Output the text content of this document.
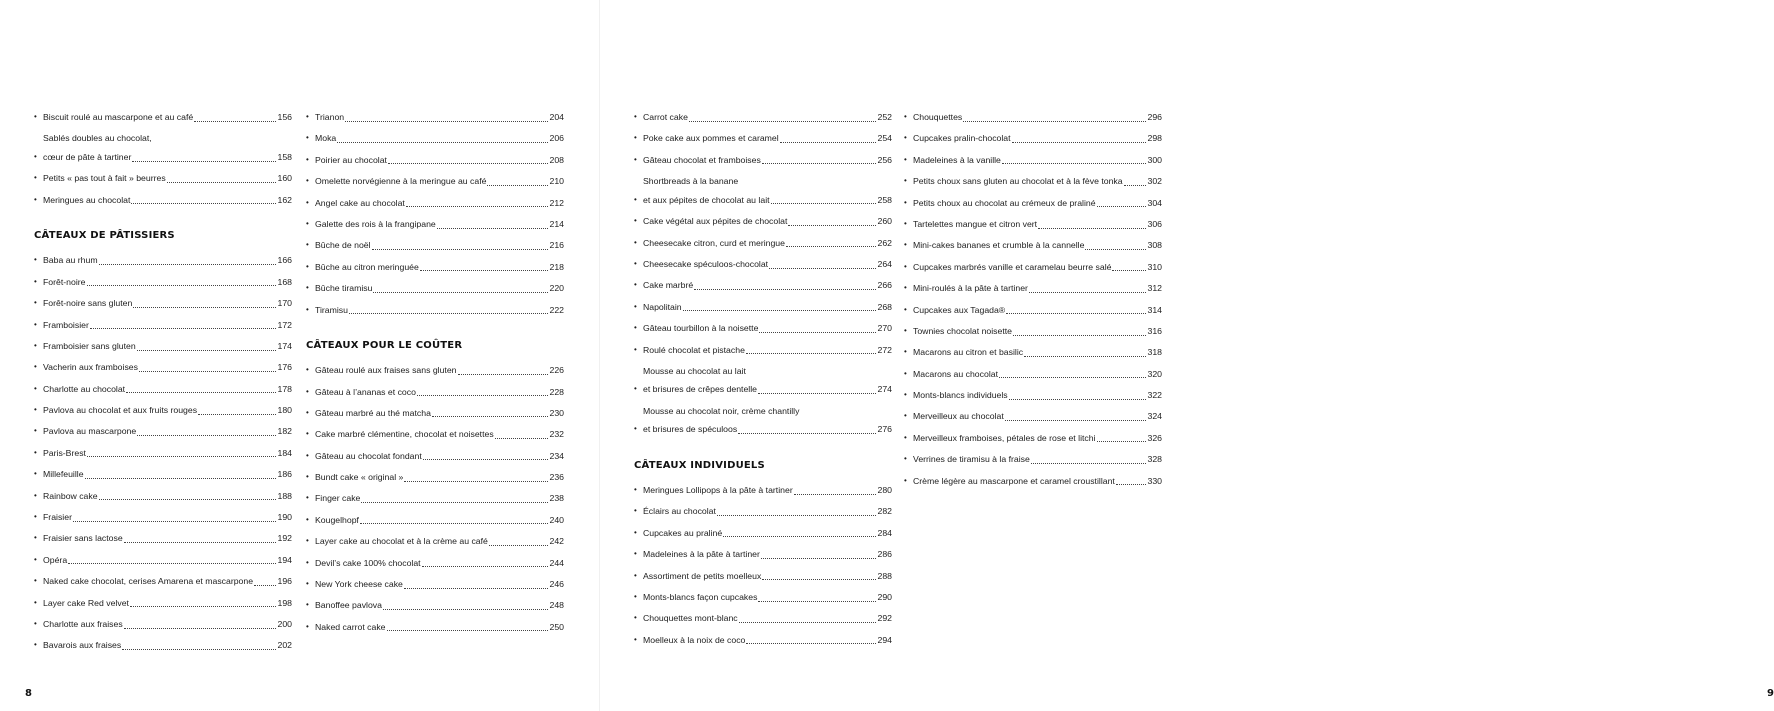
• Biscuit roulé au mascarpone et au café	156
•
Sablés doubles au chocolat,
cœur de pâte à tartiner	158
• Petits « pas tout à fait » beurres	160
• Meringues au chocolat	162
CÂTEAUX DE PÂTISSIERS
• Baba au rhum	166
• Forêt-noire	168
• Forêt-noire sans gluten	170
• Framboisier	172
• Framboisier sans gluten	174
• Vacherin aux framboises	176
• Charlotte au chocolat	178
• Pavlova au chocolat et aux fruits rouges	180
• Pavlova au mascarpone	182
• Paris-Brest	184
• Millefeuille	186
• Rainbow cake	188
• Fraisier	190
• Fraisier sans lactose	192
• Opéra	194
• Naked cake chocolat, cerises Amarena et mascarpone	196
• Layer cake Red velvet	198
• Charlotte aux fraises	200
• Bavarois aux fraises	202
• Trianon	204
• Moka	206
• Poirier au chocolat	208
• Omelette norvégienne à la meringue au café	210
• Angel cake au chocolat	212
• Galette des rois à la frangipane	214
• Bûche de noël	216
• Bûche au citron meringuée	218
• Bûche tiramisu	220
• Tiramisu	222
CÂTEAUX POUR LE COÛTER
• Gâteau roulé aux fraises sans gluten	226
• Gâteau à l’ananas et coco	228
• Gâteau marbré au thé matcha	230
• Cake marbré clémentine, chocolat et noisettes	232
• Gâteau au chocolat fondant	234
• Bundt cake « original »	236
• Finger cake	238
• Kougelhopf	240
• Layer cake au chocolat et à la crème au café	242
• Devil’s cake 100% chocolat	244
• New York cheese cake	246
• Banoffee pavlova	248
• Naked carrot cake	250
8
• Carrot cake	252
• Poke cake aux pommes et caramel	254
• Gâteau chocolat et framboises	256
•
Shortbreads à la banane
et aux pépites de chocolat au lait	258
• Cake végétal aux pépites de chocolat	260
• Cheesecake citron, curd et meringue	262
• Cheesecake spéculoos-chocolat	264
• Cake marbré	266
• Napolitain	268
• Gâteau tourbillon à la noisette	270
• Roulé chocolat et pistache	272
•
Mousse au chocolat au lait
et brisures de crêpes dentelle	274
•
Mousse au chocolat noir, crème chantilly
et brisures de spéculoos	276
CÂTEAUX INDIVIDUELS
• Meringues Lollipops à la pâte à tartiner	280
• Éclairs au chocolat	282
• Cupcakes au praliné	284
• Madeleines à la pâte à tartiner	286
• Assortiment de petits moelleux	288
• Monts-blancs façon cupcakes	290
• Chouquettes mont-blanc	292
• Moelleux à la noix de coco	294
• Chouquettes	296
• Cupcakes pralin-chocolat	298
• Madeleines à la vanille	300
• Petits choux sans gluten au chocolat et à la fève tonka	302
• Petits choux au chocolat au crémeux de praliné	304
• Tartelettes mangue et citron vert	306
• Mini-cakes bananes et crumble à la cannelle	308
• Cupcakes marbrés vanille et caramelau beurre salé	310
• Mini-roulés à la pâte à tartiner	312
• Cupcakes aux Tagada®	314
• Townies chocolat noisette	316
• Macarons au citron et basilic	318
• Macarons au chocolat	320
• Monts-blancs individuels	322
• Merveilleux au chocolat	324
• Merveilleux framboises, pétales de rose et litchi	326
• Verrines de tiramisu à la fraise	328
• Crème légère au mascarpone et caramel croustillant	330
9
